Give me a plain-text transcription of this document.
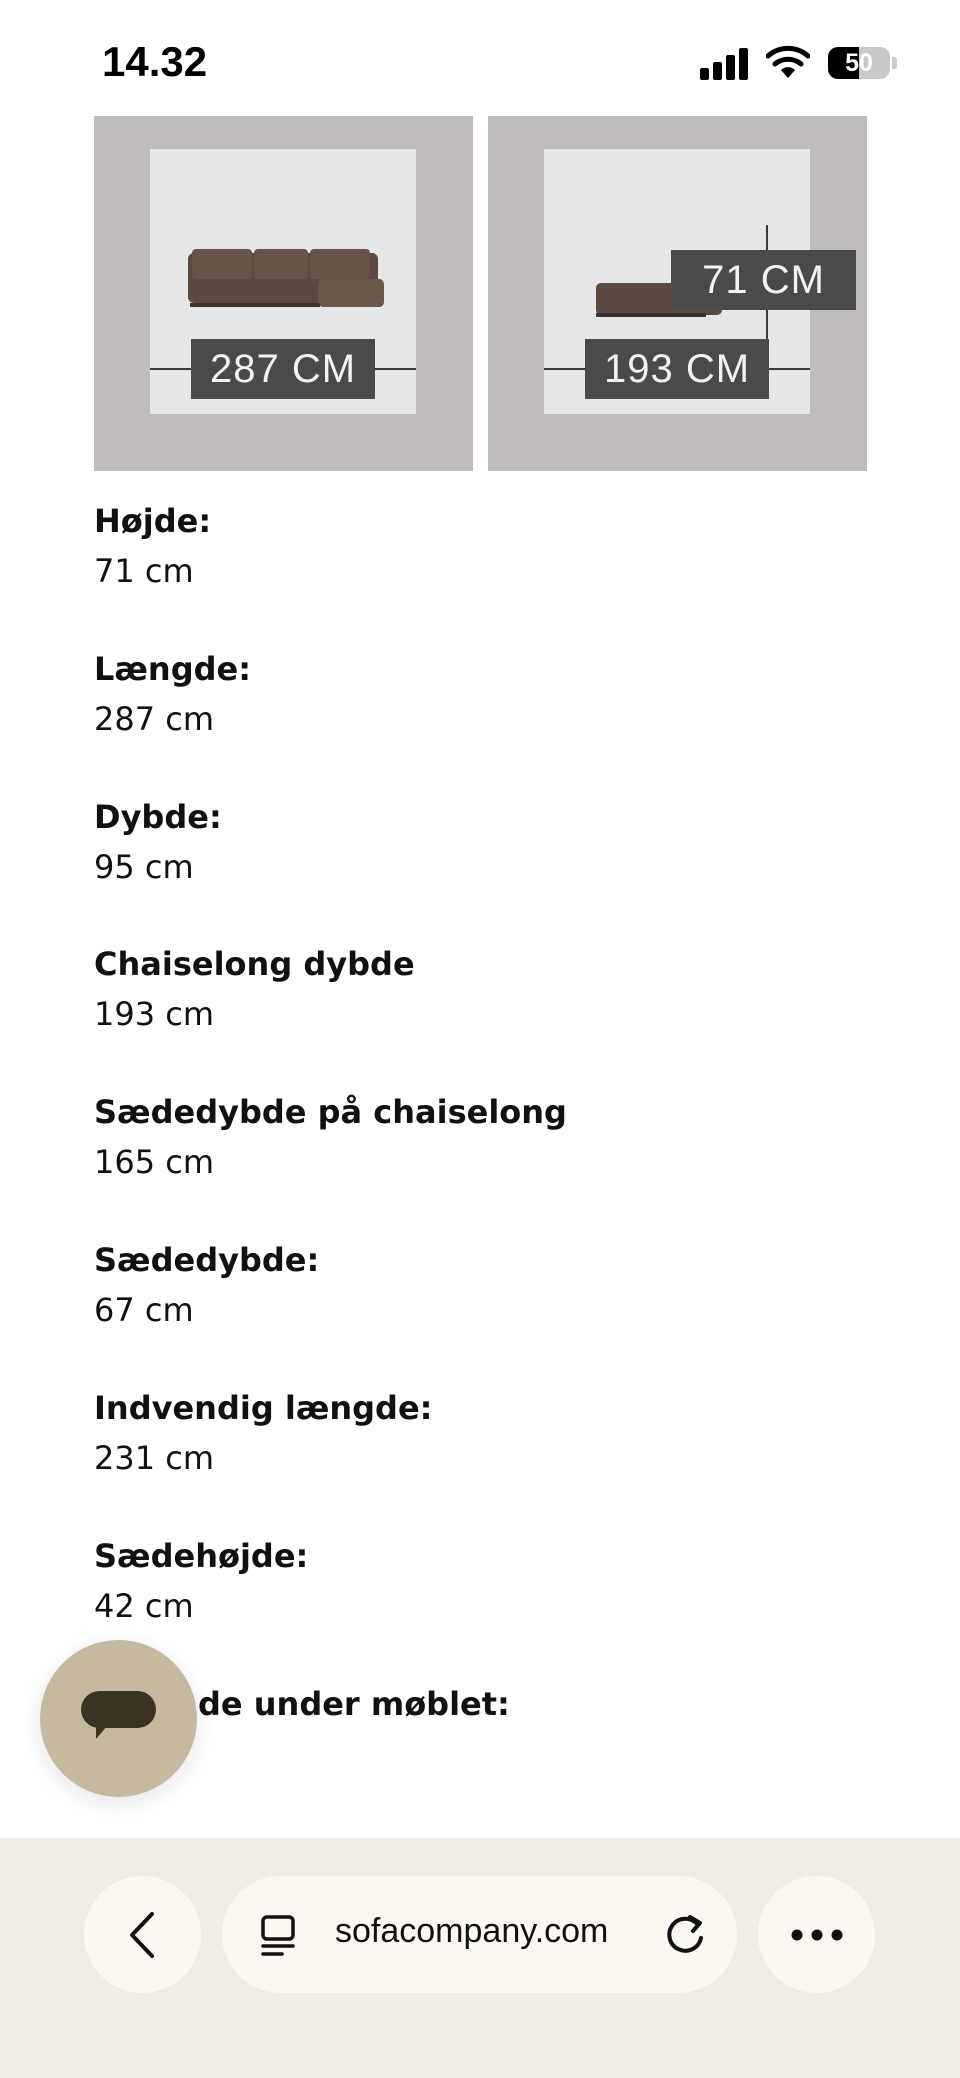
14.32	50
287 CM
71 CM
193 CM
Højde:
71 cm
Længde:
287 cm
Dybde:
95 cm
Chaiselong dybde
193 cm
Sædedybde på chaiselong
165 cm
Sædedybde:
67 cm
Indvendig længde:
231 cm
Sædehøjde:
42 cm
de under møblet:
sofacompany.com
